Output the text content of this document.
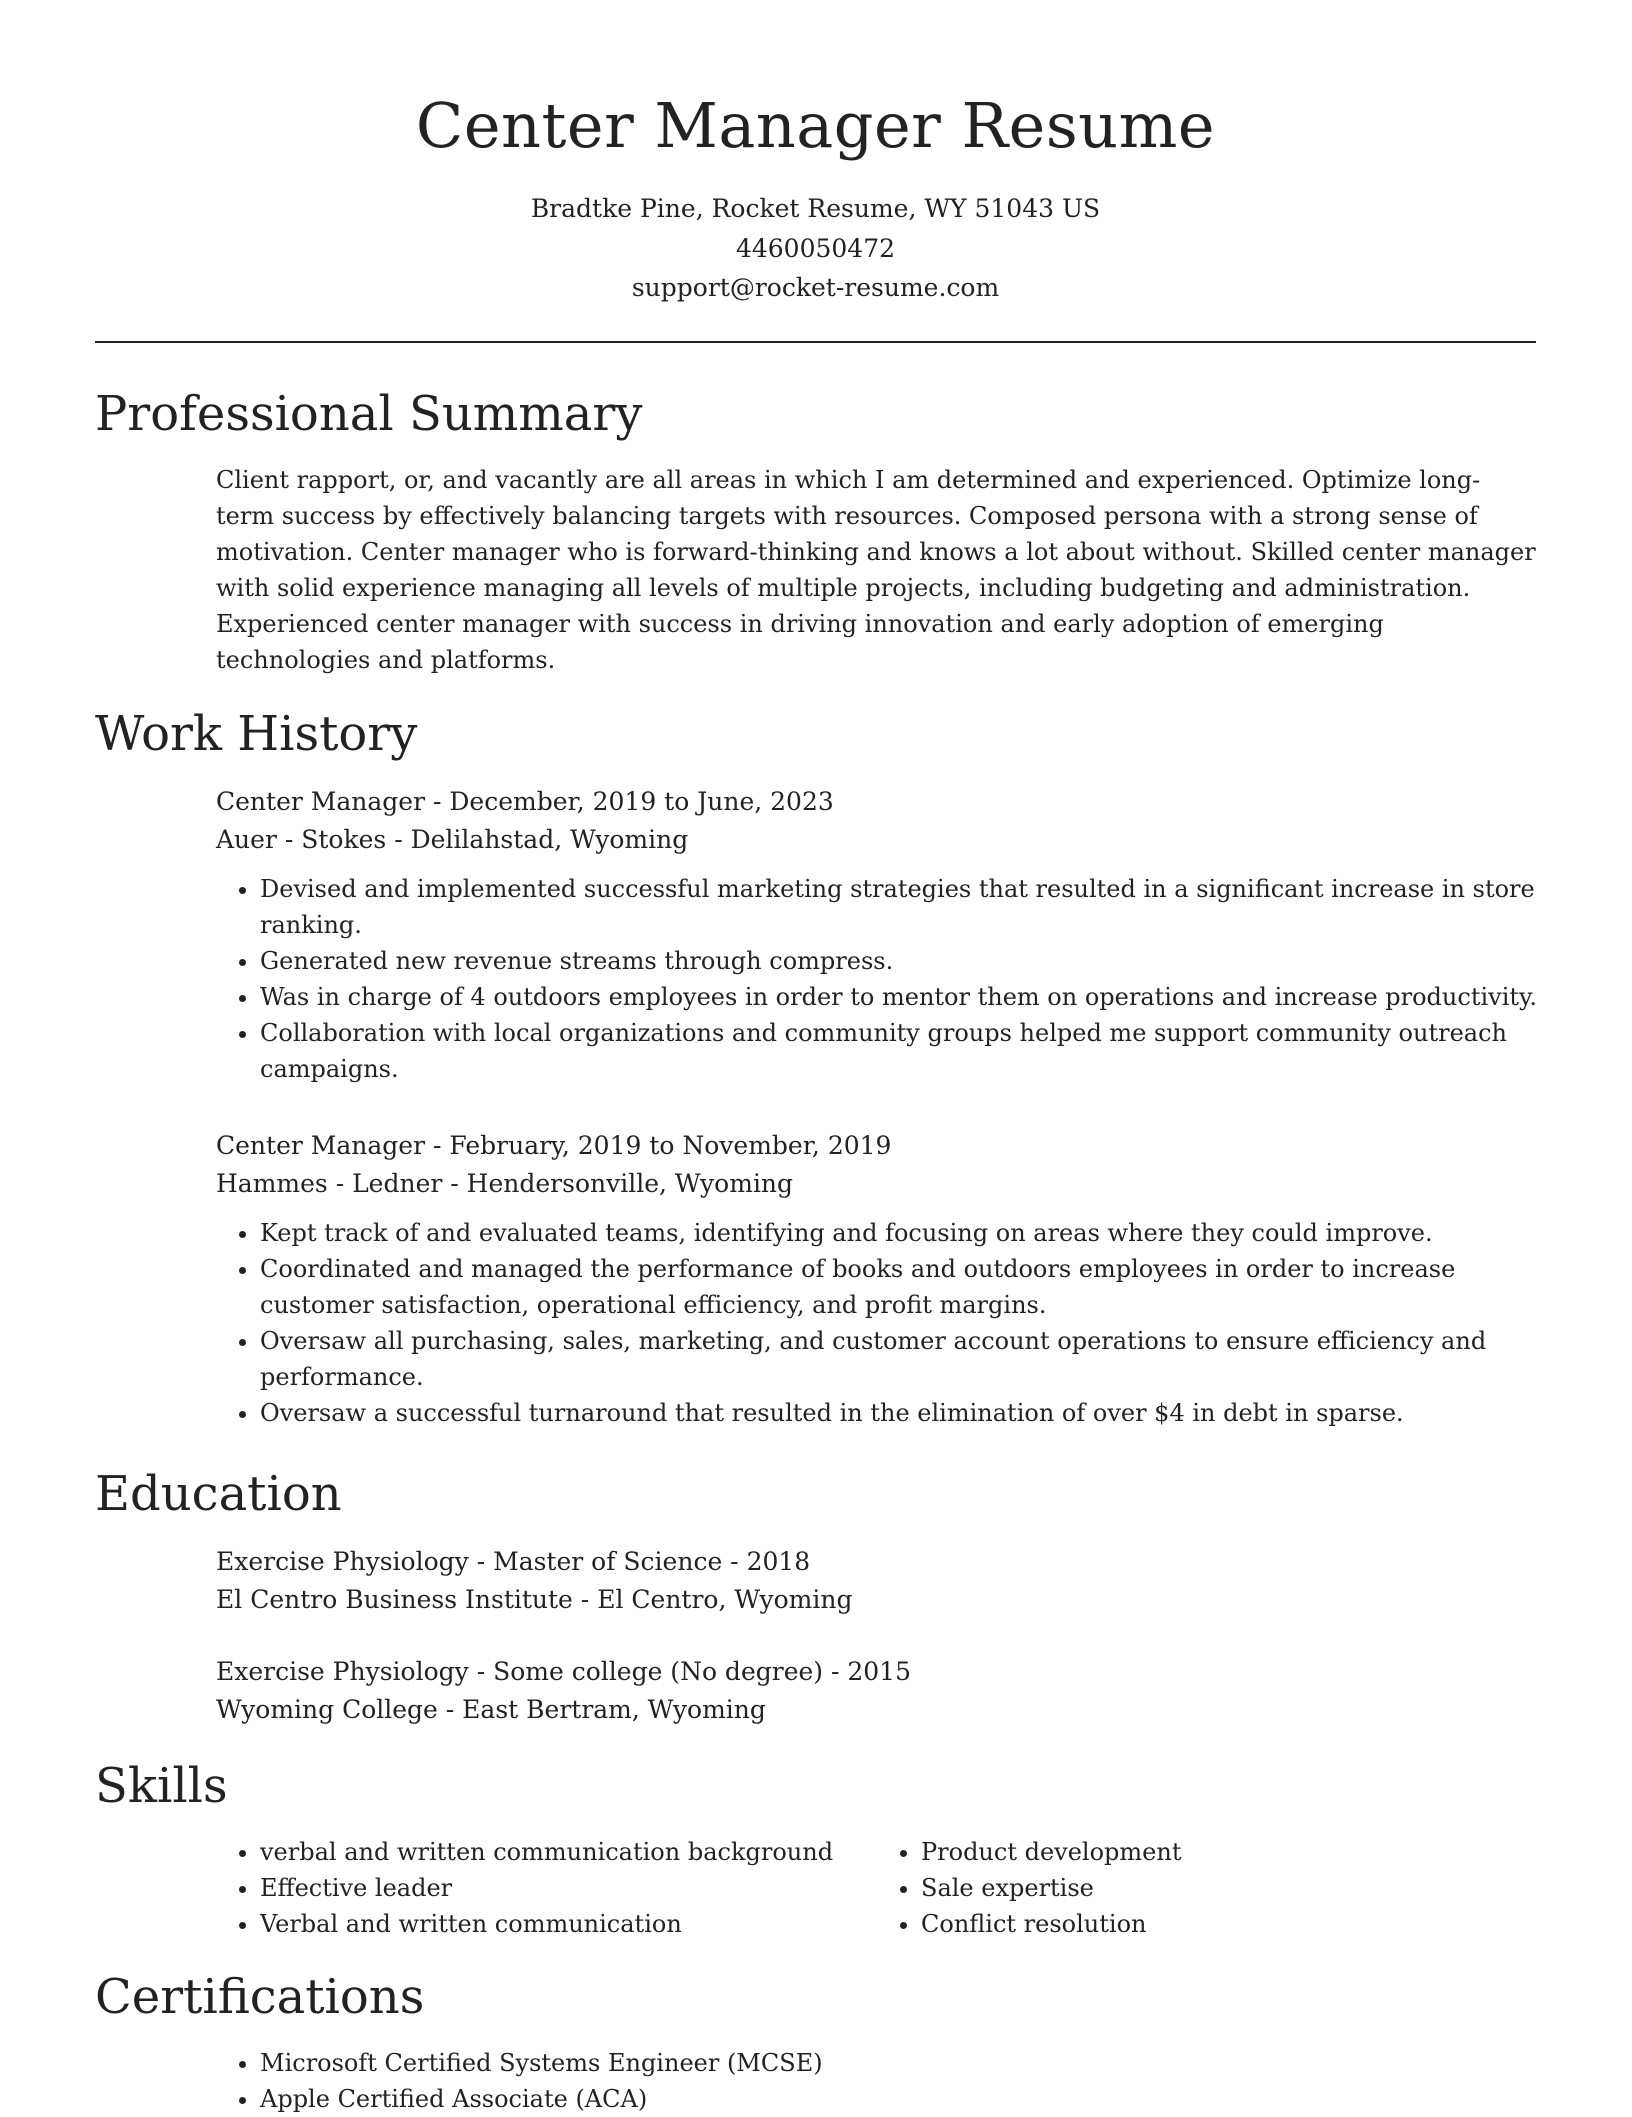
Center Manager Resume
Bradtke Pine, Rocket Resume, WY 51043 US
4460050472
support@rocket-resume.com
Professional Summary

Client rapport, or, and vacantly are all areas in which I am determined and experienced. Optimize long-term success by effectively balancing targets with resources. Composed persona with a strong sense of motivation. Center manager who is forward-thinking and knows a lot about without. Skilled center manager with solid experience managing all levels of multiple projects, including budgeting and administration. Experienced center manager with success in driving innovation and early adoption of emerging technologies and platforms.

Work History

Center Manager - December, 2019 to June, 2023

Auer - Stokes - Delilahstad, Wyoming

• Devised and implemented successful marketing strategies that resulted in a significant increase in store ranking.
• Generated new revenue streams through compress.
• Was in charge of 4 outdoors employees in order to mentor them on operations and increase productivity.
• Collaboration with local organizations and community groups helped me support community outreach campaigns.

Center Manager - February, 2019 to November, 2019

Hammes - Ledner - Hendersonville, Wyoming

• Kept track of and evaluated teams, identifying and focusing on areas where they could improve.
• Coordinated and managed the performance of books and outdoors employees in order to increase customer satisfaction, operational efficiency, and profit margins.
• Oversaw all purchasing, sales, marketing, and customer account operations to ensure efficiency and performance.
• Oversaw a successful turnaround that resulted in the elimination of over $4 in debt in sparse.
Education

Exercise Physiology - Master of Science - 2018

El Centro Business Institute - El Centro, Wyoming

Exercise Physiology - Some college (No degree) - 2015

Wyoming College - East Bertram, Wyoming

Skills
• verbal and written communication background
• Effective leader
• Verbal and written communication
• Product development
• Sale expertise
• Conflict resolution
Certifications
• Microsoft Certified Systems Engineer (MCSE)
• Apple Certified Associate (ACA)
